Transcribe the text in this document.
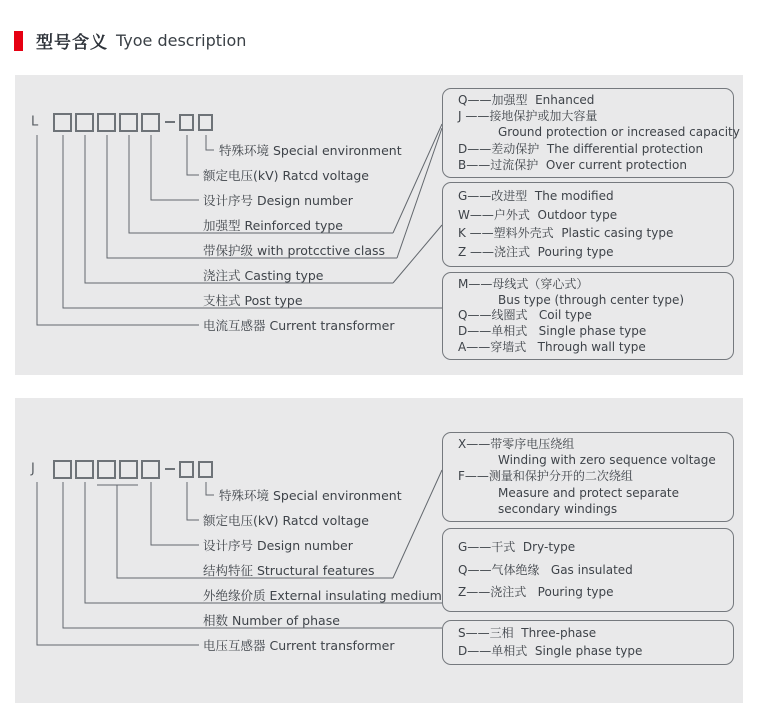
型号含义 Tyoe description
L
特殊环境 Special environment
额定电压(kV) Ratcd voltage
设计序号 Design number
加强型 Reinforced type
带保护级 with protcctive class
浇注式 Casting type
支柱式 Post type
电流互感器 Current transformer
Q——加强型  Enhanced
J ——接地保护或加大容量
Ground protection or increased capacity
D——差动保护  The differential protection
B——过流保护  Over current protection
G——改进型  The modified
W——户外式  Outdoor type
K ——塑料外壳式  Plastic casing type
Z ——浇注式  Pouring type
M——母线式（穿心式）
Bus type (through center type)
Q——线圈式   Coil type
D——单相式   Single phase type
A——穿墙式   Through wall type
J
特殊环境 Special environment
额定电压(kV) Ratcd voltage
设计序号 Design number
结构特征 Structural features
外绝缘价质 External insulating medium
相数 Number of phase
电压互感器 Current transformer
X——带零序电压绕组
Winding with zero sequence voltage
F——测量和保护分开的二次绕组
Measure and protect separate
secondary windings
G——干式  Dry-type
Q——气体绝缘   Gas insulated
Z——浇注式   Pouring type
S——三相  Three-phase
D——单相式  Single phase type
